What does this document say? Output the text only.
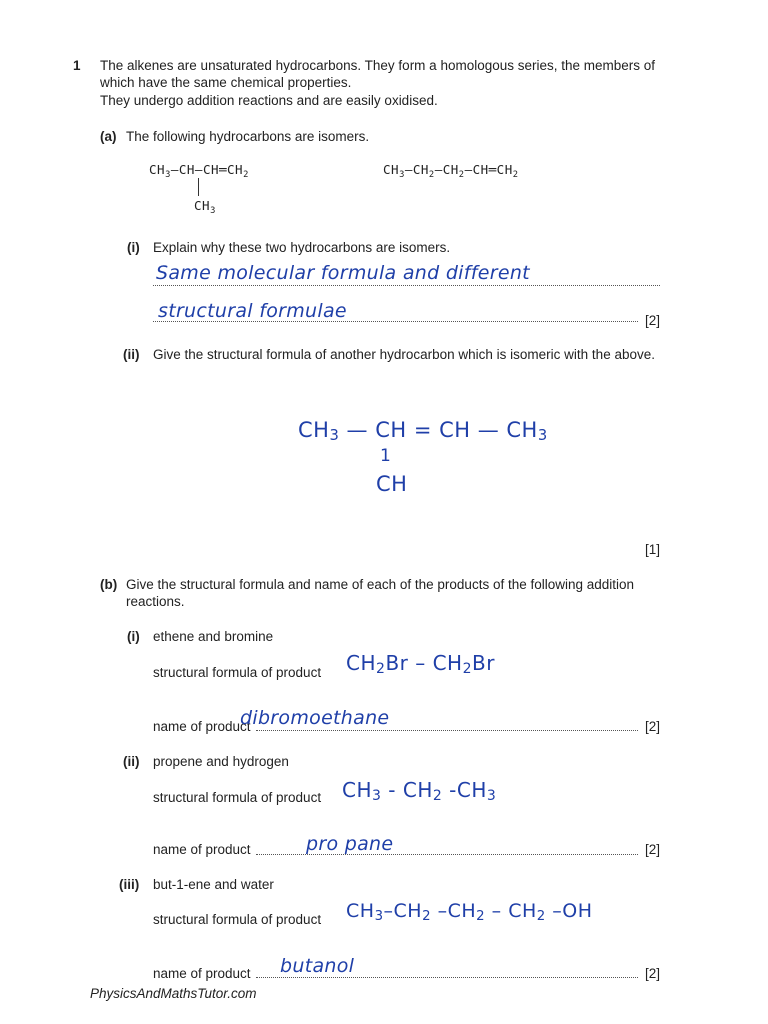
1 The alkenes are unsaturated hydrocarbons. They form a homologous series, the members of
which have the same chemical properties.
They undergo addition reactions and are easily oxidised.
(a) The following hydrocarbons are isomers.
$CH_3—CH—CH═CH_2$
$CH_3$
$CH_3—CH_2—CH_2—CH═CH_2$
(i) Explain why these two hydrocarbons are isomers.
Same molecular formula and different
structural formulae	[2]
(ii) Give the structural formula of another hydrocarbon which is isomeric with the above.
$CH_3$ — CH = CH — $CH_3$
1
CH
[1]
(b) Give the structural formula and name of each of the products of the following addition
reactions.
(i) ethene and bromine
structural formula of product $CH_2Br - CH_2Br$
name of product
dibromoethane	[2]
(ii) propene and hydrogen
structural formula of product $CH_3 - CH_2$ $-CH_3$
name of product	pro pane	[2]
(iii) but-1-ene and water
structural formula of product $CH_3-CH_2$ $-CH_2 - CH_2$ –OH
name of product butanol	[2]
PhysicsAndMathsTutor.com
